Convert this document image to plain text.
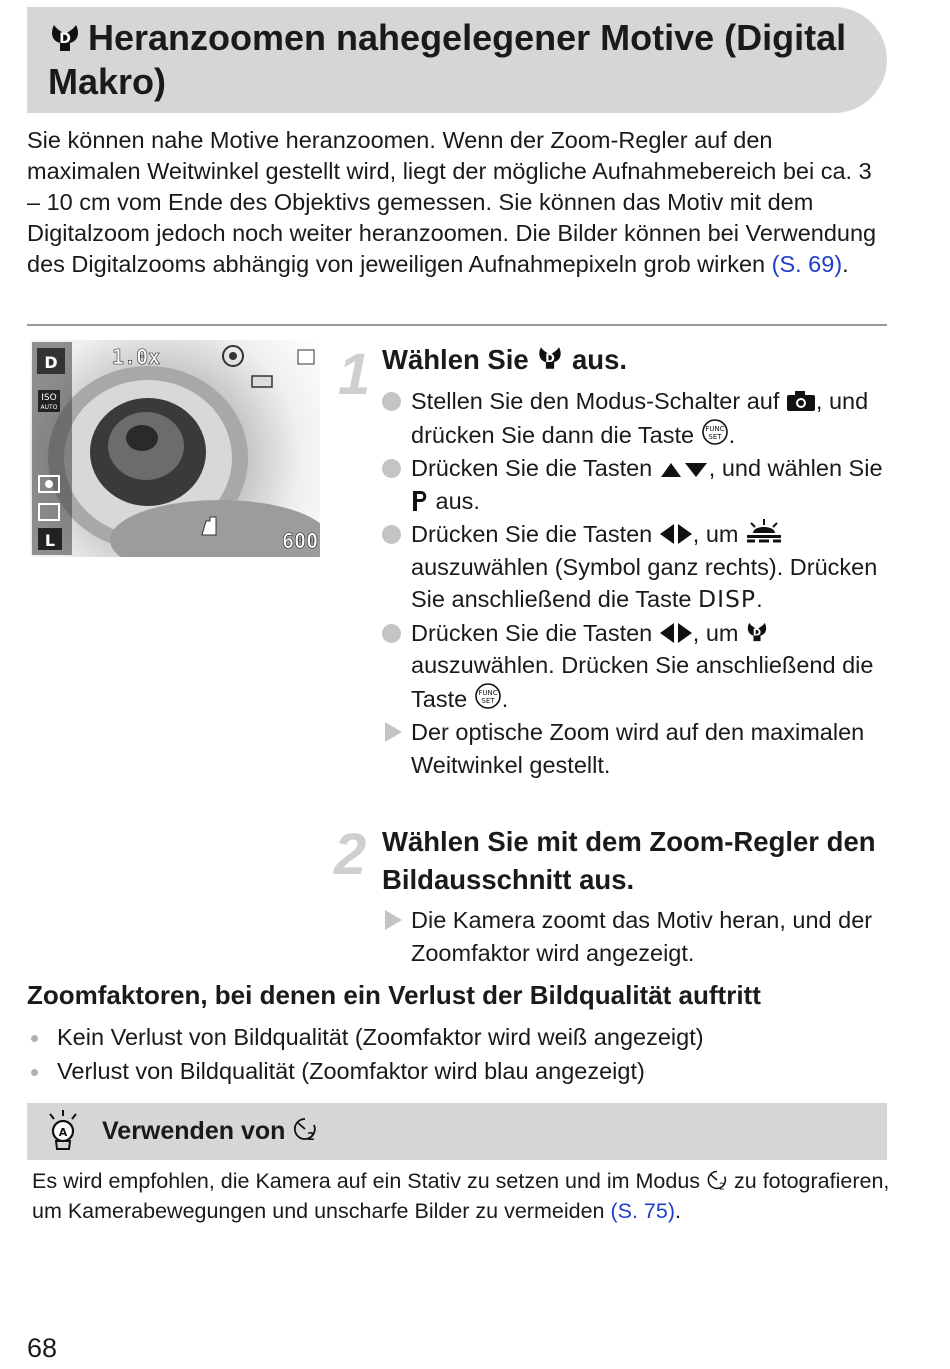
D Heranzoomen nahegelegener Motive (Digital Makro)

Sie können nahe Motive heranzoomen. Wenn der Zoom-Regler auf den maximalen Weitwinkel gestellt wird, liegt der mögliche Aufnahmebereich bei ca. 3 – 10 cm vom Ende des Objektivs gemessen. Sie können das Motiv mit dem Digitalzoom jedoch noch weiter heranzoomen. Die Bilder können bei Verwendung des Digitalzooms abhängig von jeweiligen Aufnahmepixeln grob wirken (S. 69).

D	1.0x
ISO
AUTO
L	600
1 Wählen Sie D aus.
Stellen Sie den Modus-Schalter auf , und drücken Sie dann die Taste FUNC
SET .
Drücken Sie die Tasten , und wählen Sie  aus.
Drücken Sie die Tasten , um  auszuwählen (Symbol ganz rechts). Drücken Sie anschließend die Taste DISP.
Drücken Sie die Tasten , um D
auszuwählen. Drücken Sie anschließend die Taste FUNC
SET .
Der optische Zoom wird auf den maximalen Weitwinkel gestellt.
2 Wählen Sie mit dem Zoom-Regler den Bildausschnitt aus.
Die Kamera zoomt das Motiv heran, und der Zoomfaktor wird angezeigt.
Zoomfaktoren, bei denen ein Verlust der Bildqualität auftritt
Kein Verlust von Bildqualität (Zoomfaktor wird weiß angezeigt)
Verlust von Bildqualität (Zoomfaktor wird blau angezeigt)
A Verwenden von 2

Es wird empfohlen, die Kamera auf ein Stativ zu setzen und im Modus 2 zu fotografieren, um Kamerabewegungen und unscharfe Bilder zu vermeiden (S. 75).

68
